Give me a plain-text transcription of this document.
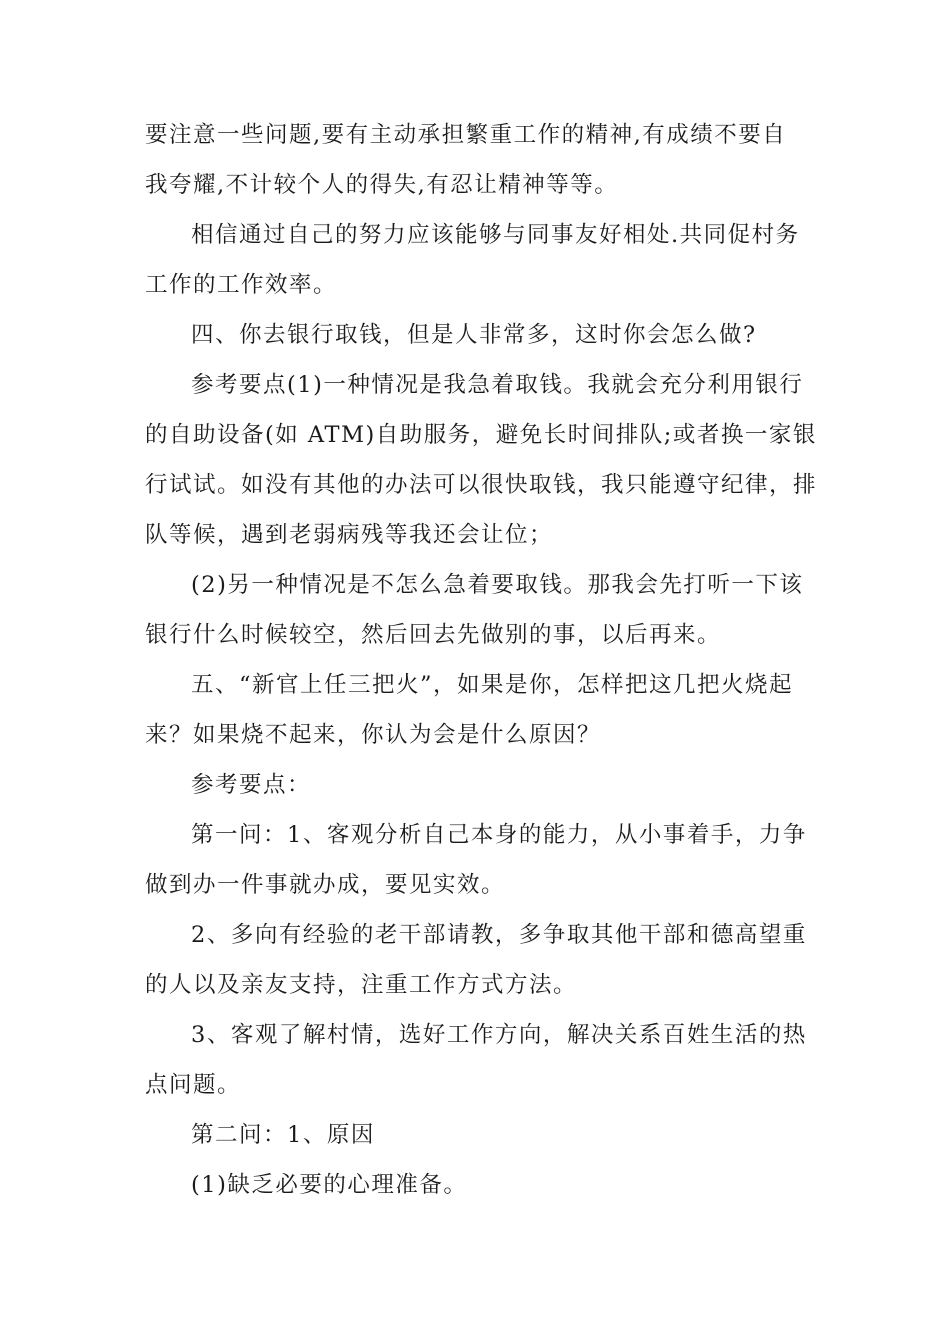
要注意一些问题,要有主动承担繁重工作的精神,有成绩不要自
我夸耀,不计较个人的得失,有忍让精神等等。
相信通过自己的努力应该能够与同事友好相处.共同促村务
工作的工作效率。
四、你去银行取钱，但是人非常多，这时你会怎么做?
参考要点(1)一种情况是我急着取钱。我就会充分利用银行
的自助设备(如 ATM)自助服务，避免长时间排队;或者换一家银
行试试。如没有其他的办法可以很快取钱，我只能遵守纪律，排
队等候，遇到老弱病残等我还会让位；
(2)另一种情况是不怎么急着要取钱。那我会先打听一下该
银行什么时候较空，然后回去先做别的事，以后再来。
五、“新官上任三把火”，如果是你，怎样把这几把火烧起
来？如果烧不起来，你认为会是什么原因？
参考要点：
第一问：1、客观分析自己本身的能力，从小事着手，力争
做到办一件事就办成，要见实效。
2、多向有经验的老干部请教，多争取其他干部和德高望重
的人以及亲友支持，注重工作方式方法。
3、客观了解村情，选好工作方向，解决关系百姓生活的热
点问题。
第二问：1、原因
(1)缺乏必要的心理准备。
